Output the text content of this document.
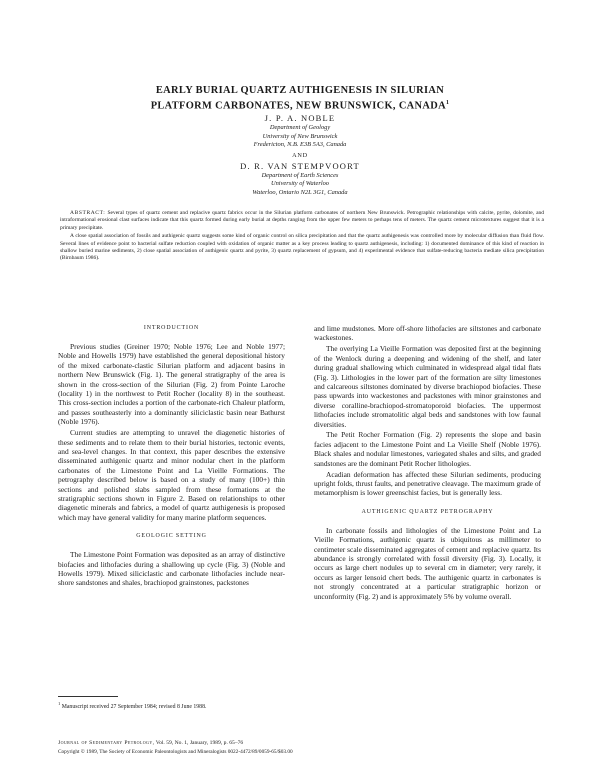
EARLY BURIAL QUARTZ AUTHIGENESIS IN SILURIAN
PLATFORM CARBONATES, NEW BRUNSWICK, CANADA$^1$
J. P. A. NOBLE
Department of Geology
University of New Brunswick
Fredericton, N.B. E3B 5A3, Canada
AND
D. R. VAN STEMPVOORT
Department of Earth Sciences
University of Waterloo
Waterloo, Ontario N2L 3G1, Canada

ABSTRACT: Several types of quartz cement and replacive quartz fabrics occur in the Silurian platform carbonates of northern New Brunswick. Petrographic relationships with calcite, pyrite, dolomite, and intraformational erosional clast surfaces indicate that this quartz formed during early burial at depths ranging from the upper few meters to perhaps tens of meters. The quartz cement microtextures suggest that it is a primary precipitate.

A close spatial association of fossils and authigenic quartz suggests some kind of organic control on silica precipitation and that the quartz authigenesis was controlled more by molecular diffusion than fluid flow. Several lines of evidence point to bacterial sulfate reduction coupled with oxidation of organic matter as a key process leading to quartz authigenesis, including: 1) documented dominance of this kind of reaction in shallow buried marine sediments, 2) close spatial association of authigenic quartz and pyrite, 3) quartz replacement of gypsum, and 4) experimental evidence that sulfate-reducing bacteria mediate silica precipitation (Birnbaum 1986).

INTRODUCTION

Previous studies (Greiner 1970; Noble 1976; Lee and Noble 1977; Noble and Howells 1979) have established the general depositional history of the mixed carbonate-clastic Silurian platform and adjacent basins in northern New Brunswick (Fig. 1). The general stratigraphy of the area is shown in the cross-section of the Silurian (Fig. 2) from Pointe Laroche (locality 1) in the northwest to Petit Rocher (locality 8) in the southeast. This cross-section includes a portion of the carbonate-rich Chaleur platform, and passes southeasterly into a dominantly siliciclastic basin near Bathurst (Noble 1976).

Current studies are attempting to unravel the diagenetic histories of these sediments and to relate them to their burial histories, tectonic events, and sea-level changes. In that context, this paper describes the extensive disseminated authigenic quartz and minor nodular chert in the platform carbonates of the Limestone Point and La Vieille Formations. The petrography described below is based on a study of many (100+) thin sections and polished slabs sampled from these formations at the stratigraphic sections shown in Figure 2. Based on relationships to other diagenetic minerals and fabrics, a model of quartz authigenesis is proposed which may have general validity for many marine platform sequences.

GEOLOGIC SETTING

The Limestone Point Formation was deposited as an array of distinctive biofacies and lithofacies during a shallowing up cycle (Fig. 3) (Noble and Howells 1979). Mixed siliciclastic and carbonate lithofacies include near-shore sandstones and shales, brachiopod grainstones, packstones

and lime mudstones. More off-shore lithofacies are siltstones and carbonate wackestones.

The overlying La Vieille Formation was deposited first at the beginning of the Wenlock during a deepening and widening of the shelf, and later during gradual shallowing which culminated in widespread algal tidal flats (Fig. 3). Lithologies in the lower part of the formation are silty limestones and calcareous siltstones dominated by diverse brachiopod biofacies. These pass upwards into wackestones and packstones with minor grainstones and diverse coralline-brachiopod-stromatoporoid biofacies. The uppermost lithofacies include stromatolitic algal beds and sandstones with low faunal diversities.

The Petit Rocher Formation (Fig. 2) represents the slope and basin facies adjacent to the Limestone Point and La Vieille Shelf (Noble 1976). Black shales and nodular limestones, variegated shales and silts, and graded sandstones are the dominant Petit Rocher lithologies.

Acadian deformation has affected these Silurian sediments, producing upright folds, thrust faults, and penetrative cleavage. The maximum grade of metamorphism is lower greenschist facies, but is generally less.

AUTHIGENIC QUARTZ PETROGRAPHY

In carbonate fossils and lithologies of the Limestone Point and La Vieille Formations, authigenic quartz is ubiquitous as millimeter to centimeter scale disseminated aggregates of cement and replacive quartz. Its abundance is strongly correlated with fossil diversity (Fig. 3). Locally, it occurs as large chert nodules up to several cm in diameter; very rarely, it occurs as larger lensoid chert beds. The authigenic quartz in carbonates is not strongly concentrated at a particular stratigraphic horizon or unconformity (Fig. 2) and is approximately 5% by volume overall.

$^1$ Manuscript received 27 September 1984; revised 8 June 1988.
Journal of Sedimentary Petrology, Vol. 59, No. 1, January, 1989, p. 65–76
Copyright © 1989, The Society of Economic Paleontologists and Mineralogists 0022-4472/89/0059-65/$03.00
